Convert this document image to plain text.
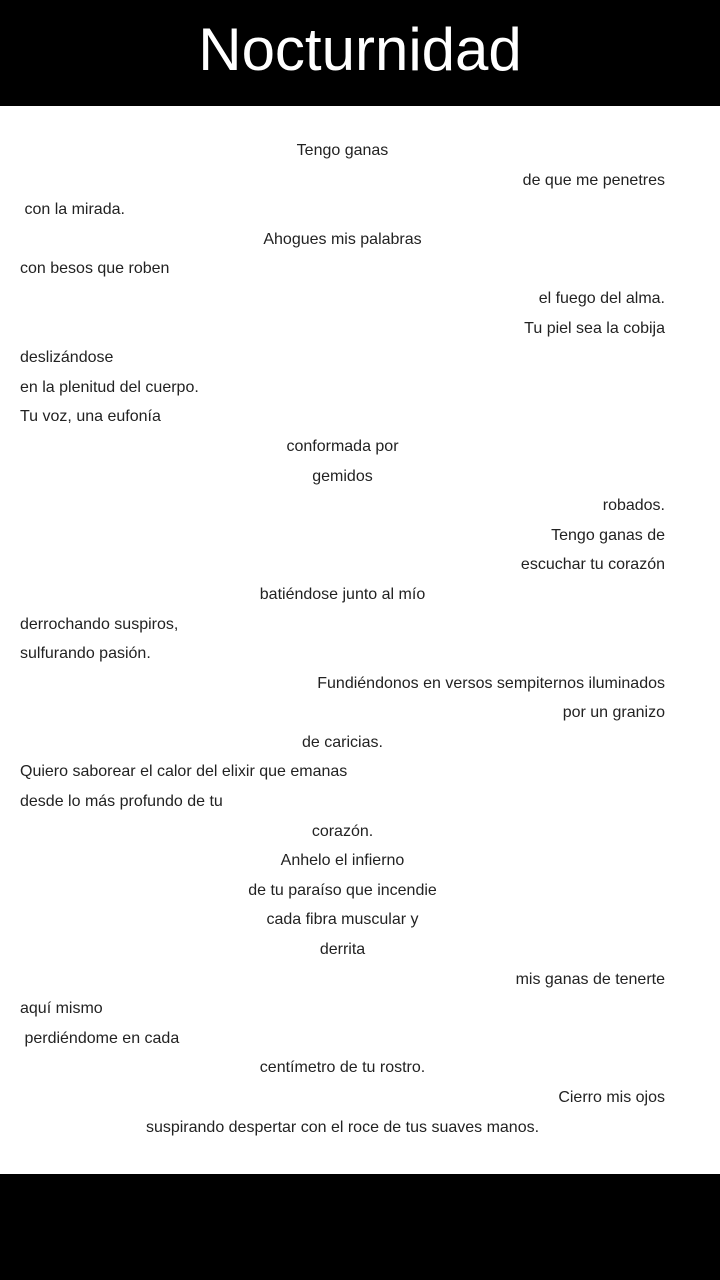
Nocturnidad
Tengo ganas
de que me penetres
con la mirada.
Ahogues mis palabras
con besos que roben
el fuego del alma.
Tu piel sea la cobija
deslizándose
en la plenitud del cuerpo.
Tu voz, una eufonía
conformada por
gemidos
robados.
Tengo ganas de
escuchar tu corazón
batiéndose junto al mío
derrochando suspiros,
sulfurando pasión.
Fundiéndonos en versos sempiternos iluminados
por un granizo
de caricias.
Quiero saborear el calor del elixir que emanas
desde lo más profundo de tu
corazón.
Anhelo el infierno
de tu paraíso que incendie
cada fibra muscular y
derrita
mis ganas de tenerte
aquí mismo
perdiéndome en cada
centímetro de tu rostro.
Cierro mis ojos
suspirando despertar con el roce de tus suaves manos.
